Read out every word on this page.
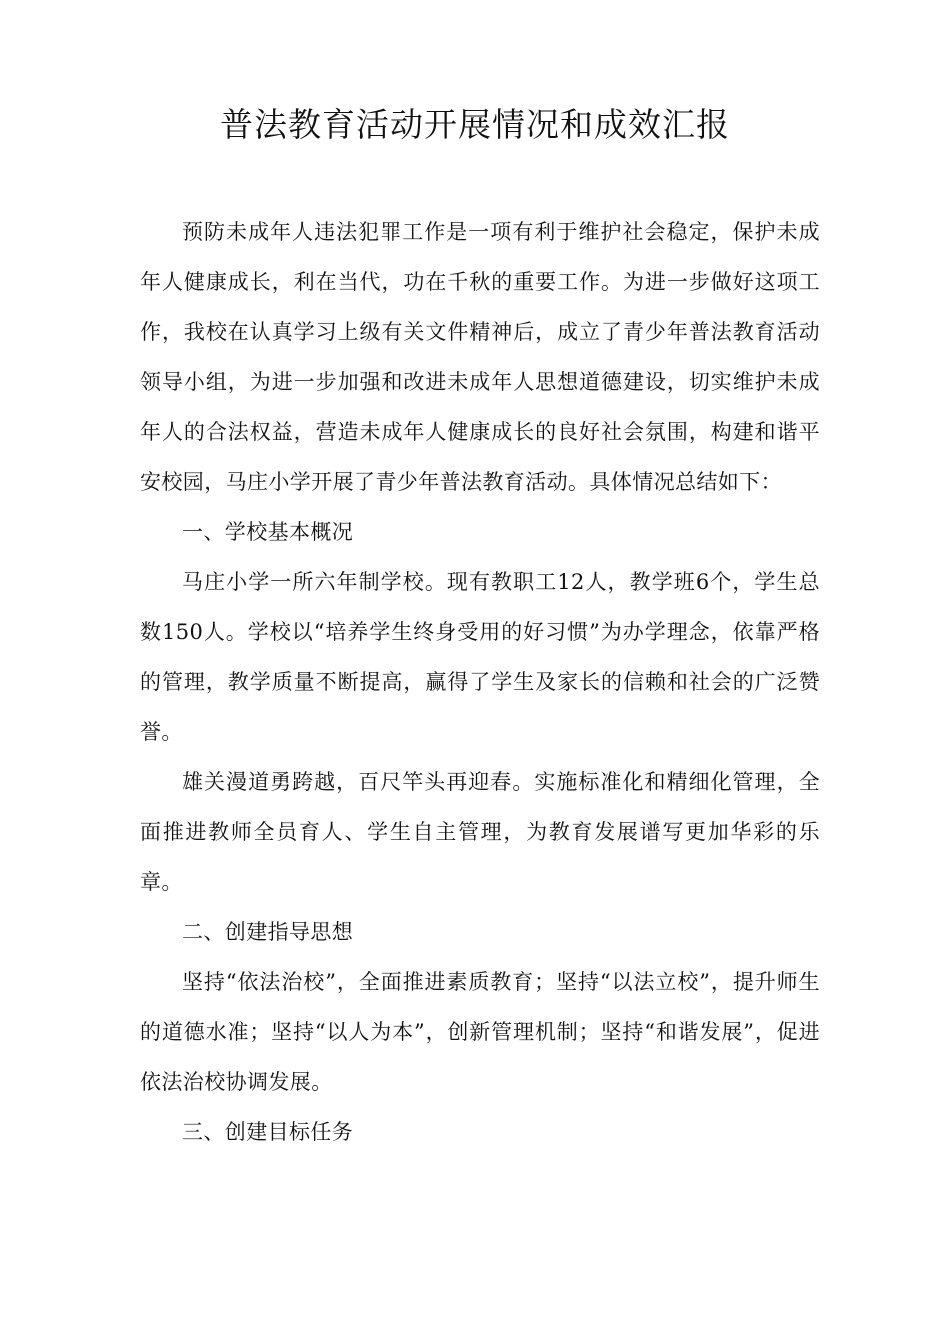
普法教育活动开展情况和成效汇报

预防未成年人违法犯罪工作是一项有利于维护社会稳定，保护未成年人健康成长，利在当代，功在千秋的重要工作。为进一步做好这项工作，我校在认真学习上级有关文件精神后，成立了青少年普法教育活动领导小组，为进一步加强和改进未成年人思想道德建设，切实维护未成年人的合法权益，营造未成年人健康成长的良好社会氛围，构建和谐平安校园，马庄小学开展了青少年普法教育活动。具体情况总结如下：

一、学校基本概况

马庄小学一所六年制学校。现有教职工12人，教学班6个，学生总数150人。学校以“培养学生终身受用的好习惯”为办学理念，依靠严格的管理，教学质量不断提高，赢得了学生及家长的信赖和社会的广泛赞誉。

雄关漫道勇跨越，百尺竿头再迎春。实施标准化和精细化管理，全面推进教师全员育人、学生自主管理，为教育发展谱写更加华彩的乐章。

二、创建指导思想

坚持“依法治校”，全面推进素质教育；坚持“以法立校”，提升师生的道德水准；坚持“以人为本”，创新管理机制；坚持“和谐发展”，促进依法治校协调发展。

三、创建目标任务
